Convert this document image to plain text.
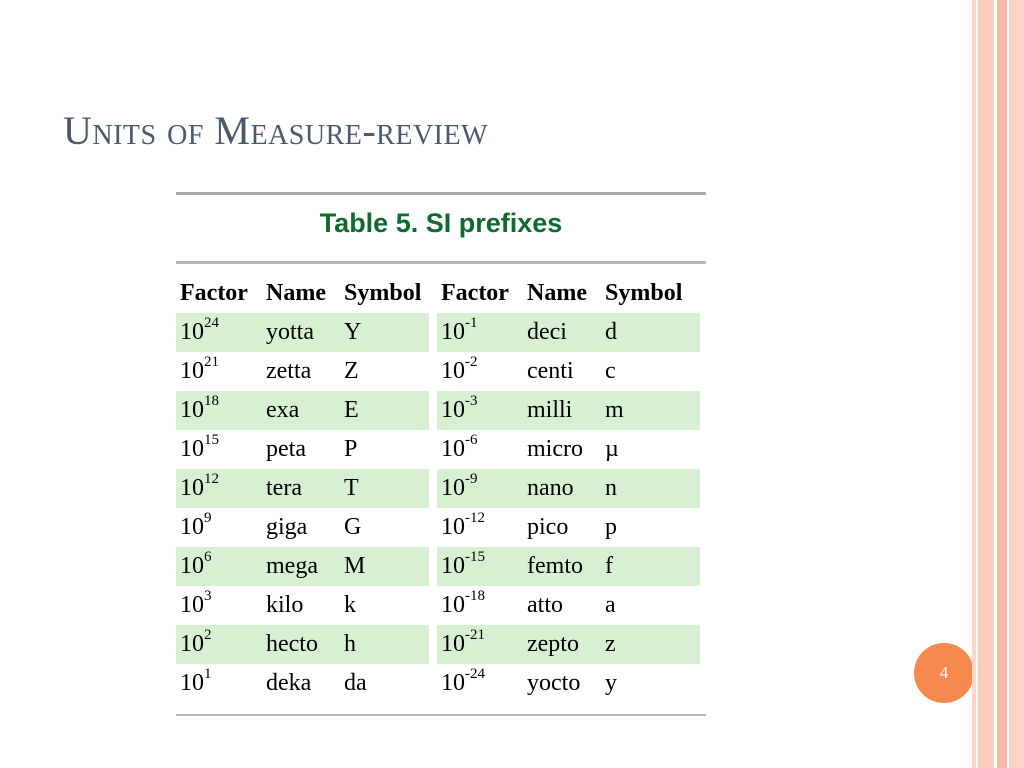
Units of Measure-review
Table 5. SI prefixes
Factor	Name	Symbol		Factor	Name	Symbol
$10^{24}$	yotta	Y		$10^{-1}$	deci	d
$10^{21}$	zetta	Z		$10^{-2}$	centi	c
$10^{18}$	exa	E		$10^{-3}$	milli	m
$10^{15}$	peta	P		$10^{-6}$	micro	µ
$10^{12}$	tera	T		$10^{-9}$	nano	n
$10^9$	giga	G		$10^{-12}$	pico	p
$10^6$	mega	M		$10^{-15}$	femto	f
$10^3$	kilo	k		$10^{-18}$	atto	a
$10^2$	hecto	h		$10^{-21}$	zepto	z
$10^1$	deka	da		$10^{-24}$	yocto	y	4
